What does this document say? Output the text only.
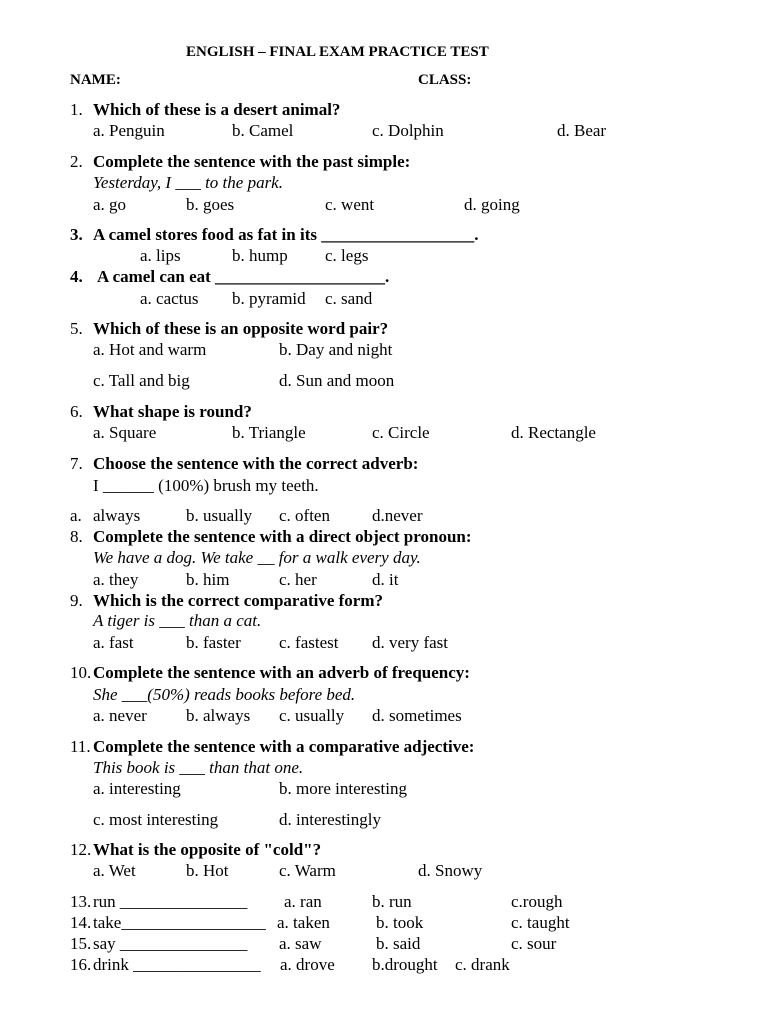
ENGLISH – FINAL EXAM PRACTICE TEST
NAME:	CLASS:
1. Which of these is a desert animal?
a. Penguin	b. Camel	c. Dolphin	d. Bear
2. Complete the sentence with the past simple:
Yesterday, I ___ to the park.
a. go	b. goes	c. went	d. going
3. A camel stores food as fat in its __________________.
a. lips	b. hump c. legs
4. A camel can eat ____________________.
a. cactus b. pyramid c. sand
5. Which of these is an opposite word pair?
a. Hot and warm	b. Day and night
c. Tall and big	d. Sun and moon
6. What shape is round?
a. Square	b. Triangle	c. Circle	d. Rectangle
7. Choose the sentence with the correct adverb:
I ______ (100%) brush my teeth.
a. always	b. usually c. often d.never
8. Complete the sentence with a direct object pronoun:
We have a dog. We take __ for a walk every day.
a. they	b. him	c. her	d. it
9. Which is the correct comparative form?
A tiger is ___ than a cat.
a. fast	b. faster c. fastest d. very fast
10. Complete the sentence with an adverb of frequency:
She ___(50%) reads books before bed.
a. never b. always c. usually d. sometimes
11. Complete the sentence with a comparative adjective:
This book is ___ than that one.
a. interesting	b. more interesting
c. most interesting	d. interestingly
12. What is the opposite of "cold"?
a. Wet	b. Hot	c. Warm	d. Snowy
13. run _______________ a. ran	b. run	c.rough
14. take_________________ a. taken	b. took	c. taught
15. say _______________ a. saw	b. said	c. sour
16. drink _______________ a. drove b.drought c. drank
